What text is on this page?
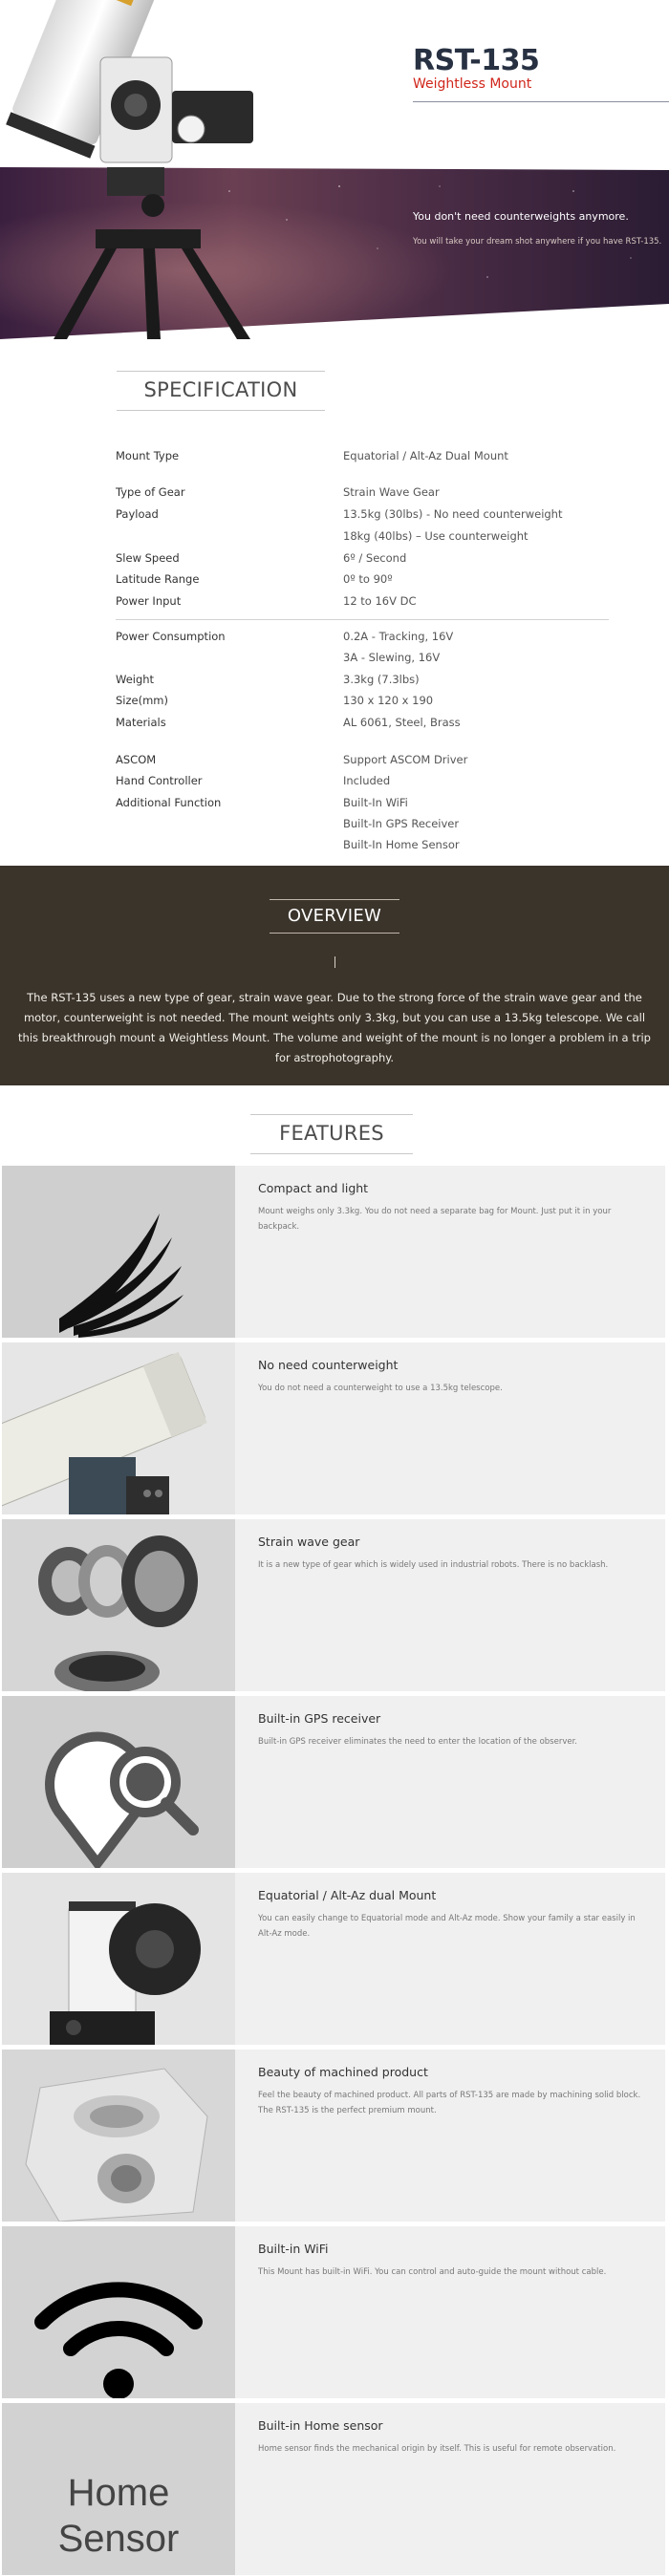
RST-135
Weightless Mount
You don't need counterweights anymore.
You will take your dream shot anywhere if you have RST-135.
SPECIFICATION
Mount Type	Equatorial / Alt-Az Dual Mount
Type of Gear	Strain Wave Gear
Payload	13.5kg (30lbs) - No need counterweight
18kg (40lbs) – Use counterweight
Slew Speed	6º / Second
Latitude Range	0º to 90º
Power Input	12 to 16V DC
Power Consumption	0.2A - Tracking, 16V
3A - Slewing, 16V
Weight	3.3kg (7.3lbs)
Size(mm)	130 x 120 x 190
Materials	AL 6061, Steel, Brass
ASCOM	Support ASCOM Driver
Hand Controller	Included
Additional Function	Built-In WiFi
Built-In GPS Receiver
Built-In Home Sensor
OVERVIEW
The RST-135 uses a new type of gear, strain wave gear. Due to the strong force of the strain wave gear and the motor, counterweight is not needed. The mount weights only 3.3kg, but you can use a 13.5kg telescope. We call this breakthrough mount a Weightless Mount. The volume and weight of the mount is no longer a problem in a trip for astrophotography.
FEATURES
Compact and light
Mount weighs only 3.3kg. You do not need a separate bag for Mount. Just put it in your backpack.
No need counterweight
You do not need a counterweight to use a 13.5kg telescope.
Strain wave gear
It is a new type of gear which is widely used in industrial robots. There is no backlash.
Built-in GPS receiver
Built-in GPS receiver eliminates the need to enter the location of the observer.
Equatorial / Alt-Az dual Mount
You can easily change to Equatorial mode and Alt-Az mode. Show your family a star easily in Alt-Az mode.
Beauty of machined product
Feel the beauty of machined product. All parts of RST-135 are made by machining solid block. The RST-135 is the perfect premium mount.
Built-in WiFi
This Mount has built-in WiFi. You can control and auto-guide the mount without cable.
Home
Sensor
Built-in Home sensor
Home sensor finds the mechanical origin by itself. This is useful for remote observation.
